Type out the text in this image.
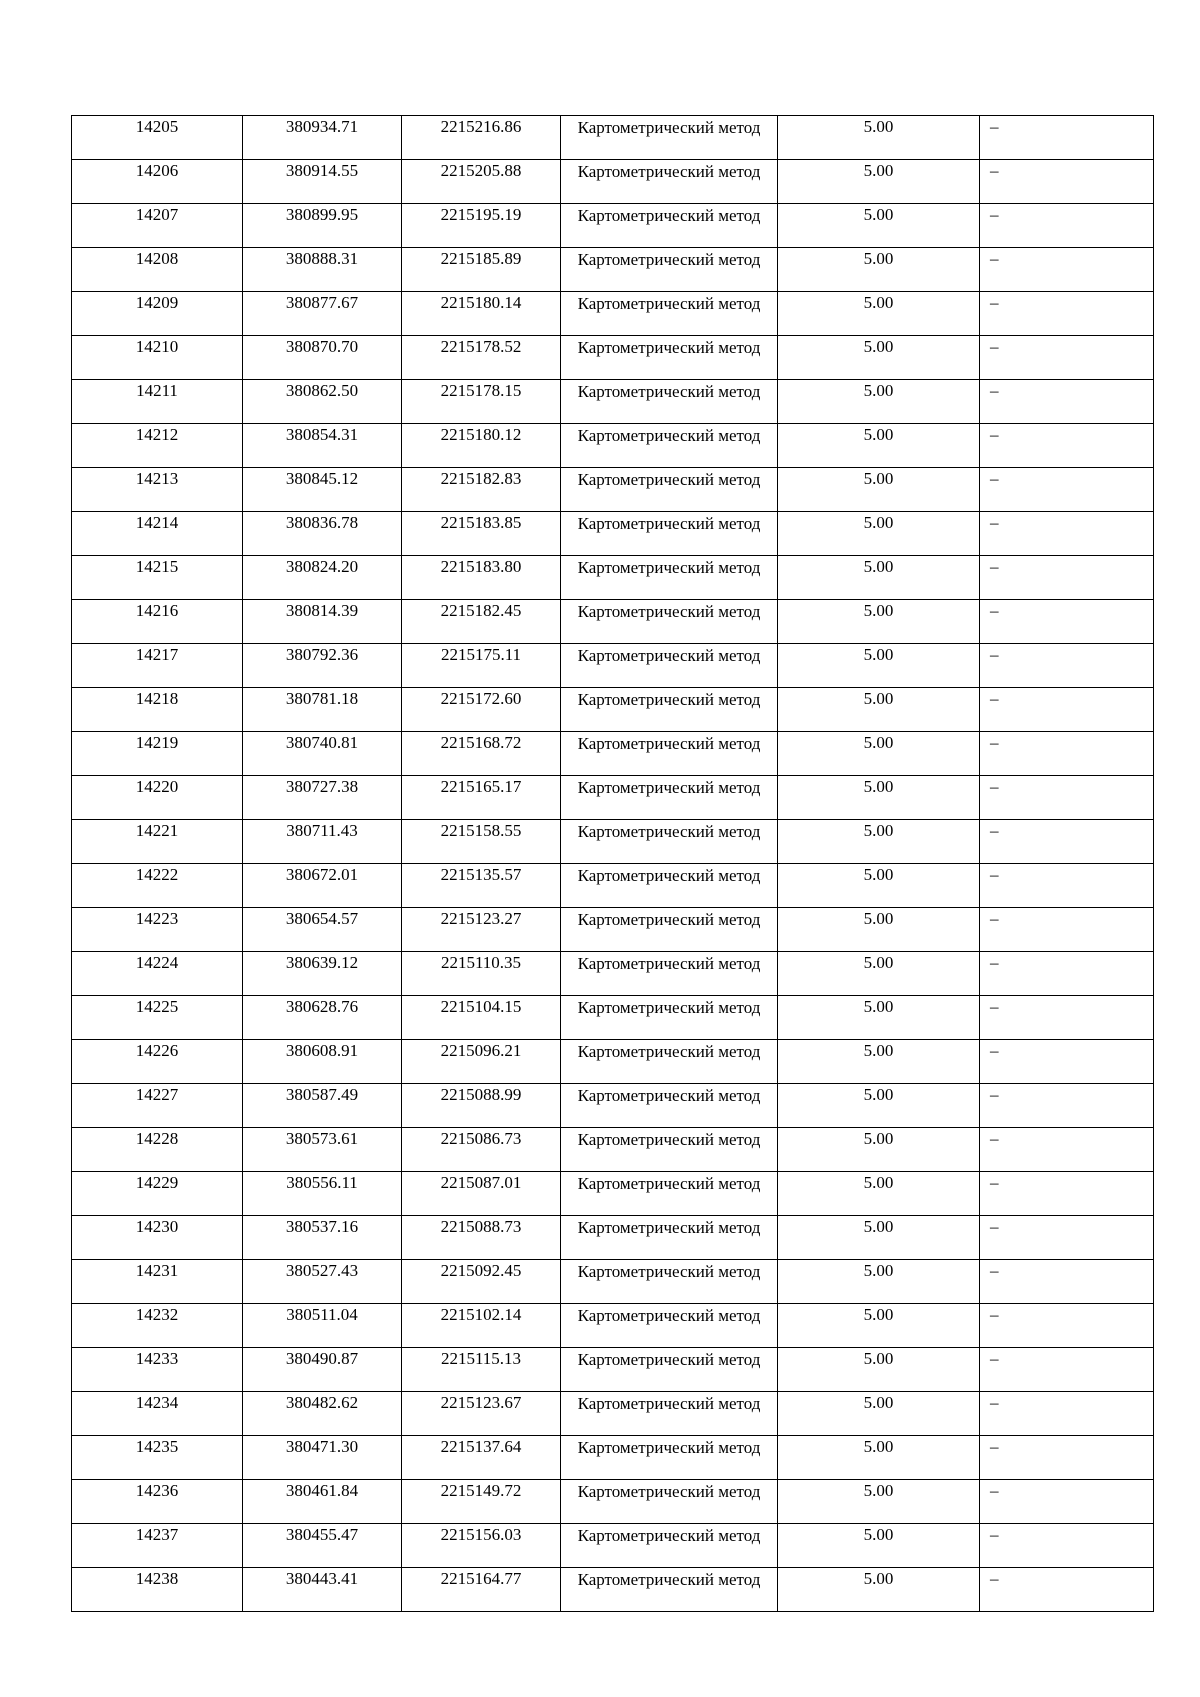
14205	380934.71	2215216.86	Картометрический метод	5.00	–
14206	380914.55	2215205.88	Картометрический метод	5.00	–
14207	380899.95	2215195.19	Картометрический метод	5.00	–
14208	380888.31	2215185.89	Картометрический метод	5.00	–
14209	380877.67	2215180.14	Картометрический метод	5.00	–
14210	380870.70	2215178.52	Картометрический метод	5.00	–
14211	380862.50	2215178.15	Картометрический метод	5.00	–
14212	380854.31	2215180.12	Картометрический метод	5.00	–
14213	380845.12	2215182.83	Картометрический метод	5.00	–
14214	380836.78	2215183.85	Картометрический метод	5.00	–
14215	380824.20	2215183.80	Картометрический метод	5.00	–
14216	380814.39	2215182.45	Картометрический метод	5.00	–
14217	380792.36	2215175.11	Картометрический метод	5.00	–
14218	380781.18	2215172.60	Картометрический метод	5.00	–
14219	380740.81	2215168.72	Картометрический метод	5.00	–
14220	380727.38	2215165.17	Картометрический метод	5.00	–
14221	380711.43	2215158.55	Картометрический метод	5.00	–
14222	380672.01	2215135.57	Картометрический метод	5.00	–
14223	380654.57	2215123.27	Картометрический метод	5.00	–
14224	380639.12	2215110.35	Картометрический метод	5.00	–
14225	380628.76	2215104.15	Картометрический метод	5.00	–
14226	380608.91	2215096.21	Картометрический метод	5.00	–
14227	380587.49	2215088.99	Картометрический метод	5.00	–
14228	380573.61	2215086.73	Картометрический метод	5.00	–
14229	380556.11	2215087.01	Картометрический метод	5.00	–
14230	380537.16	2215088.73	Картометрический метод	5.00	–
14231	380527.43	2215092.45	Картометрический метод	5.00	–
14232	380511.04	2215102.14	Картометрический метод	5.00	–
14233	380490.87	2215115.13	Картометрический метод	5.00	–
14234	380482.62	2215123.67	Картометрический метод	5.00	–
14235	380471.30	2215137.64	Картометрический метод	5.00	–
14236	380461.84	2215149.72	Картометрический метод	5.00	–
14237	380455.47	2215156.03	Картометрический метод	5.00	–
14238	380443.41	2215164.77	Картометрический метод	5.00	–
